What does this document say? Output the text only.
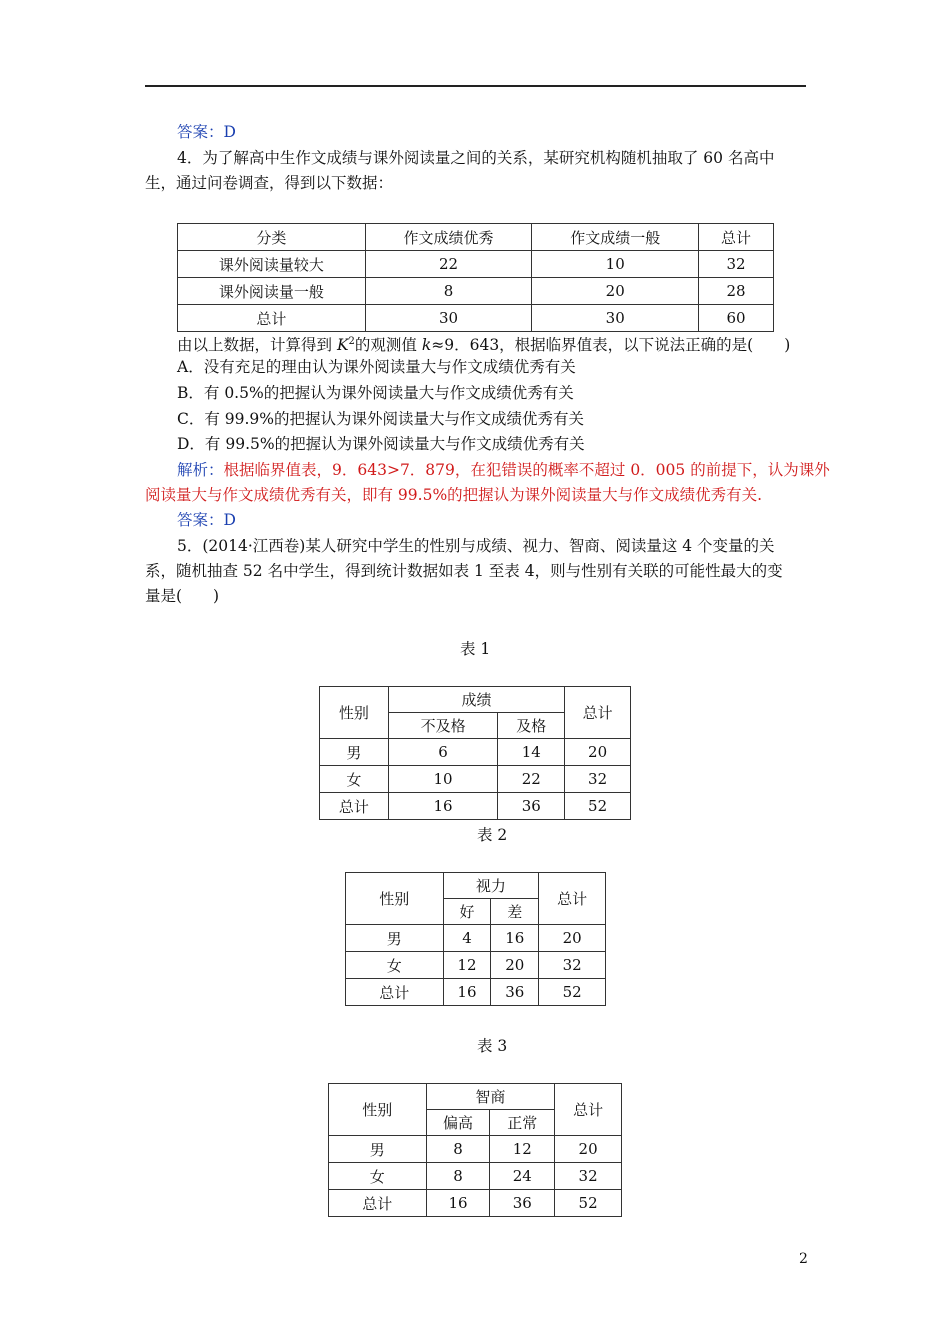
答案：D
4．为了解高中生作文成绩与课外阅读量之间的关系，某研究机构随机抽取了 60 名高中
生，通过问卷调查，得到以下数据：
分类	作文成绩优秀	作文成绩一般	总计
课外阅读量较大	22	10	32
课外阅读量一般	8	20	28
总计	30	30	60
由以上数据，计算得到 $K^2$的观测值 k≈9．643，根据临界值表，以下说法正确的是(　　)
A．没有充足的理由认为课外阅读量大与作文成绩优秀有关
B．有 0.5%的把握认为课外阅读量大与作文成绩优秀有关
C．有 99.9%的把握认为课外阅读量大与作文成绩优秀有关
D．有 99.5%的把握认为课外阅读量大与作文成绩优秀有关
解析：根据临界值表，9．643>7．879，在犯错误的概率不超过 0．005 的前提下，认为课外
阅读量大与作文成绩优秀有关，即有 99.5%的把握认为课外阅读量大与作文成绩优秀有关.
答案：D
5．(2014·江西卷)某人研究中学生的性别与成绩、视力、智商、阅读量这 4 个变量的关
系，随机抽查 52 名中学生，得到统计数据如表 1 至表 4，则与性别有关联的可能性最大的变
量是(　　)
表 1
性别	成绩		总计
	不及格	及格	
男	6	14	20
女	10	22	32
总计	16	36	52
表 2
性别	视力		总计
	好	差	
男	4	16	20
女	12	20	32
总计	16	36	52
表 3
性别	智商		总计
	偏高	正常	
男	8	12	20
女	8	24	32
总计	16	36	52
2
